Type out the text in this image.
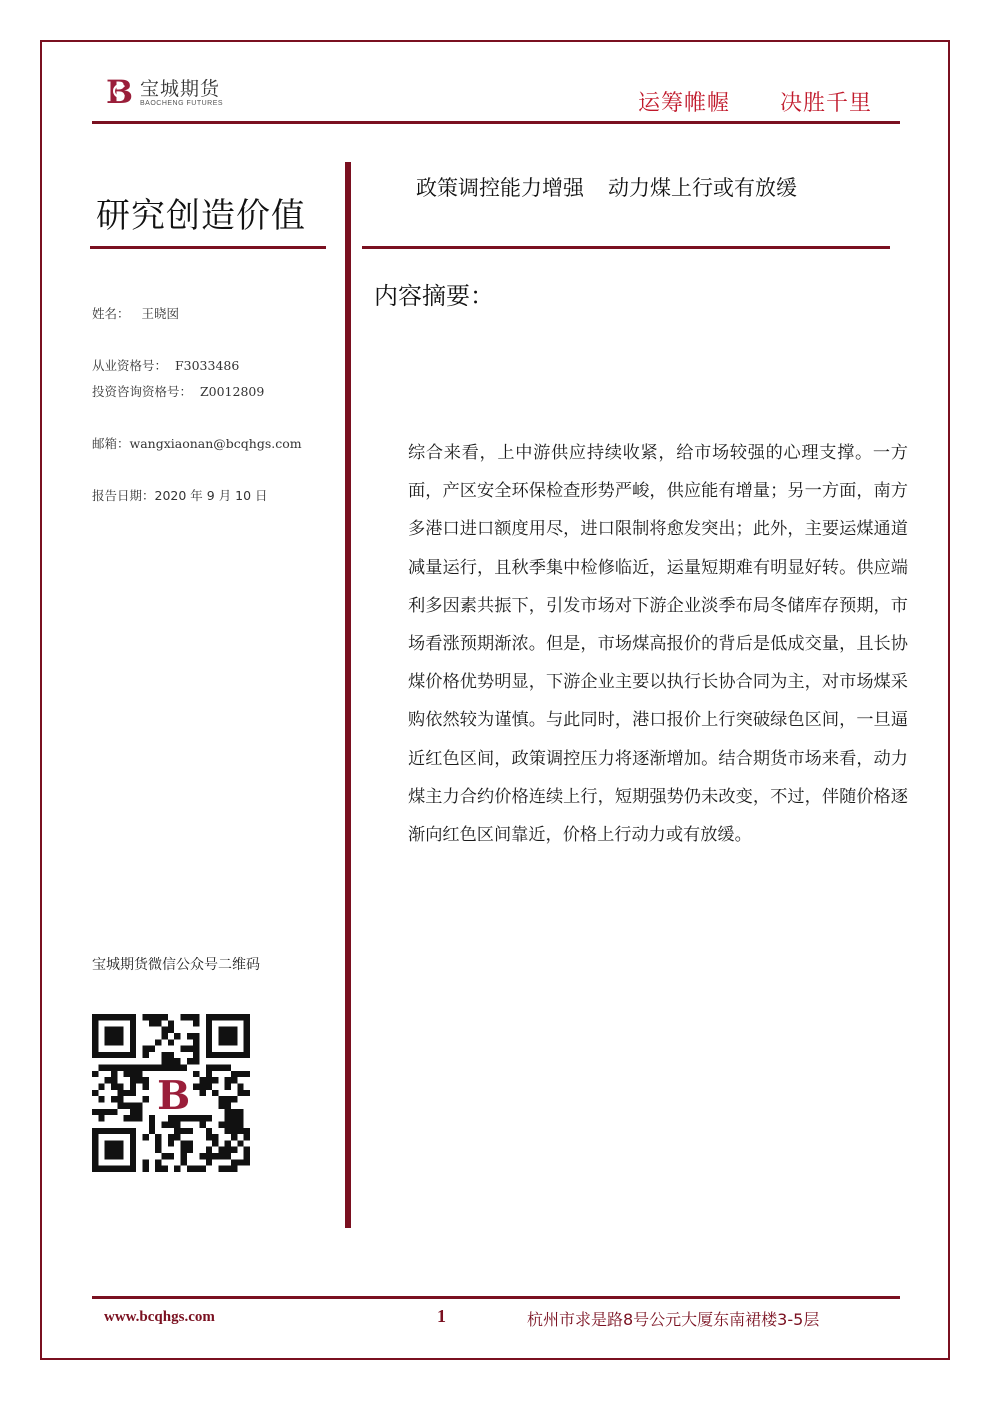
B 宝城期货
BAOCHENG FUTURES	运筹帷幄 决胜千里
研究创造价值
姓名： 王晓囡
从业资格号： F3033486
投资咨询资格号： Z0012809
邮箱：wangxiaonan@bcqhgs.com
报告日期：2020 年 9 月 10 日
宝城期货微信公众号二维码
B
政策调控能力增强 动力煤上行或有放缓
内容摘要：

综合来看，上中游供应持续收紧，给市场较强的心理支撑。一方面，产区安全环保检查形势严峻，供应能有增量；另一方面，南方多港口进口额度用尽，进口限制将愈发突出；此外，主要运煤通道减量运行，且秋季集中检修临近，运量短期难有明显好转。供应端利多因素共振下，引发市场对下游企业淡季布局冬储库存预期，市场看涨预期渐浓。但是，市场煤高报价的背后是低成交量，且长协煤价格优势明显，下游企业主要以执行长协合同为主，对市场煤采购依然较为谨慎。与此同时，港口报价上行突破绿色区间，一旦逼近红色区间，政策调控压力将逐渐增加。结合期货市场来看，动力煤主力合约价格连续上行，短期强势仍未改变，不过，伴随价格逐渐向红色区间靠近，价格上行动力或有放缓。

www.bcqhgs.com	1	杭州市求是路8号公元大厦东南裙楼3-5层
